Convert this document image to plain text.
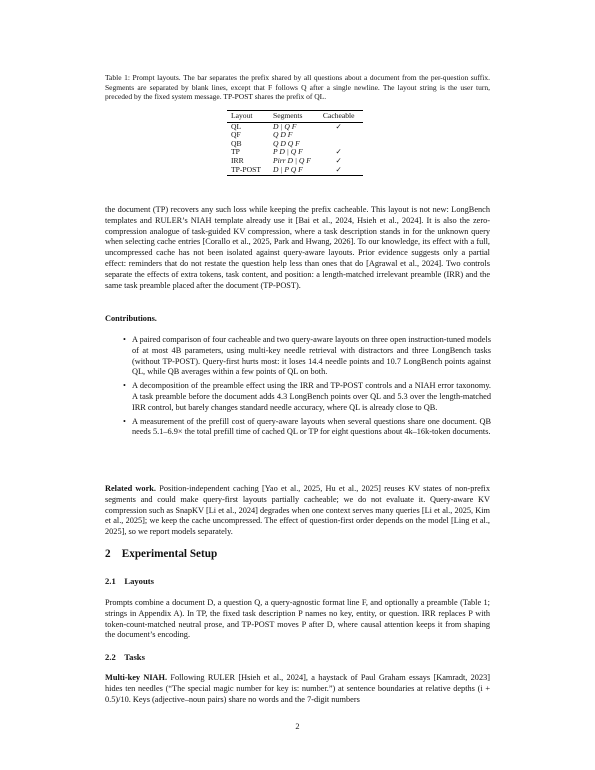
Table 1: Prompt layouts. The bar separates the prefix shared by all questions about a document from the per-question suffix. Segments are separated by blank lines, except that F follows Q after a single newline. The layout string is the user turn, preceded by the fixed system message. TP-POST shares the prefix of QL.
Layout	Segments	Cacheable
QL	D | Q F	✓
QF	Q D F	
QB	Q D Q F	
TP	P D | Q F	✓
IRR	Pirr D | Q F	✓
TP-POST	D | P Q F	✓

the document (TP) recovers any such loss while keeping the prefix cacheable. This layout is not new: LongBench templates and RULER’s NIAH template already use it [Bai et al., 2024, Hsieh et al., 2024]. It is also the zero-compression analogue of task-guided KV compression, where a task description stands in for the unknown query when selecting cache entries [Corallo et al., 2025, Park and Hwang, 2026]. To our knowledge, its effect with a full, uncompressed cache has not been isolated against query-aware layouts. Prior evidence suggests only a partial effect: reminders that do not restate the question help less than ones that do [Agrawal et al., 2024]. Two controls separate the effects of extra tokens, task content, and position: a length-matched irrelevant preamble (IRR) and the same task preamble placed after the document (TP-POST).

Contributions.
• A paired comparison of four cacheable and two query-aware layouts on three open instruction-tuned models of at most 4B parameters, using multi-key needle retrieval with distractors and three LongBench tasks (without TP-POST). Query-first hurts most: it loses 14.4 needle points and 10.7 LongBench points against QL, while QB averages within a few points of QL on both.
• A decomposition of the preamble effect using the IRR and TP-POST controls and a NIAH error taxonomy. A task preamble before the document adds 4.3 LongBench points over QL and 5.3 over the length-matched IRR control, but barely changes standard needle accuracy, where QL is already close to QB.
• A measurement of the prefill cost of query-aware layouts when several questions share one document. QB needs 5.1–6.9× the total prefill time of cached QL or TP for eight questions about 4k–16k-token documents.

Related work. Position-independent caching [Yao et al., 2025, Hu et al., 2025] reuses KV states of non-prefix segments and could make query-first layouts partially cacheable; we do not evaluate it. Query-aware KV compression such as SnapKV [Li et al., 2024] degrades when one context serves many queries [Li et al., 2025, Kim et al., 2025]; we keep the cache uncompressed. The effect of question-first order depends on the model [Ling et al., 2025], so we report models separately.

2 Experimental Setup
2.1 Layouts

Prompts combine a document D, a question Q, a query-agnostic format line F, and optionally a preamble (Table 1; strings in Appendix A). In TP, the fixed task description P names no key, entity, or question. IRR replaces P with token-count-matched neutral prose, and TP-POST moves P after D, where causal attention keeps it from shaping the document’s encoding.

2.2 Tasks

Multi-key NIAH. Following RULER [Hsieh et al., 2024], a haystack of Paul Graham essays [Kamradt, 2023] hides ten needles (“The special magic number for key is: number.”) at sentence boundaries at relative depths (i + 0.5)/10. Keys (adjective–noun pairs) share no words and the 7-digit numbers

2
